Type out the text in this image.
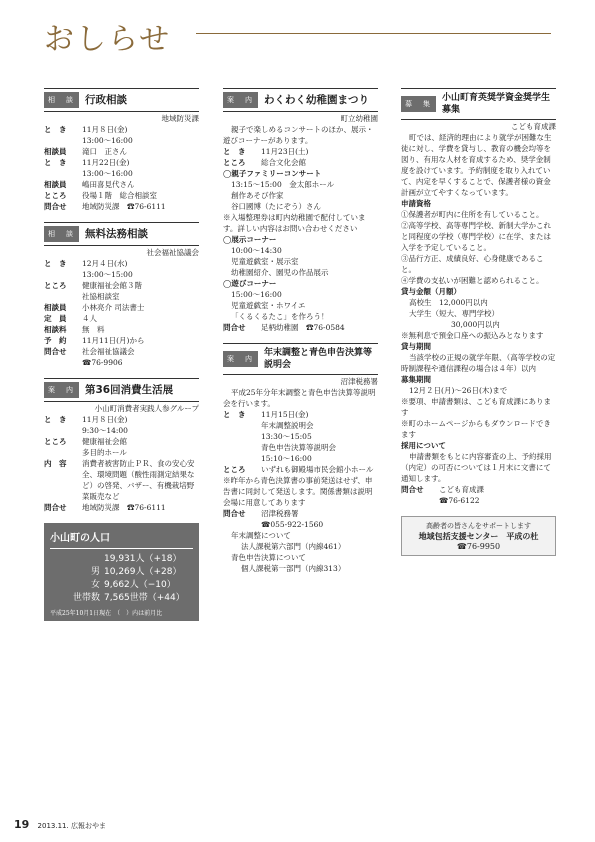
おしらせ
相　談 行政相談
地域防災課
と　き	11月８日(金)
13:00〜16:00
相談員	滝口　正さん
と　き	11月22日(金)
13:00〜16:00
相談員	嶋田喜見代さん
ところ	役場１階　総合相談室
問合せ	地域防災課　☎76-6111
相　談 無料法務相談
社会福祉協議会
と　き	12月４日(水)
13:00〜15:00
ところ	健康福祉会館３階
社協相談室
相談員	小林亮介 司法書士
定　員	４人
相談料	無　料
予　約	11月11日(月)から
問合せ	社会福祉協議会
☎76-9906
案　内 第36回消費生活展
小山町消費者実践人参グループ
と　き	11月８日(金)
9:30〜14:00
ところ	健康福祉会館
多目的ホール
内　容	消費者被害防止ＰＲ、食の安心安全、環境問題（酸性雨測定結果など）の啓発、バザー、有機栽培野菜販売など
問合せ	地域防災課　☎76-6111
小山町の人口
19,931人（+18）
男 10,269人（+28）
女 9,662人（−10）
世帯数 7,565世帯（+44）
平成25年10月1日現在　（　）内は前月比
案　内 わくわく幼稚園まつり
町立幼稚園
親子で楽しめるコンサートのほか、展示・遊びコーナーがあります。
と　き	11月23日(土)
ところ	総合文化会館
◯親子ファミリーコンサート
13:15〜15:00　金太郎ホール
創作あそび作家
谷口國博（たにぞう）さん
※入場整理券は町内幼稚園で配付しています。詳しい内容はお問い合わせください
◯展示コーナー
10:00〜14:30
児童遊戯室・展示室
幼稚園紹介、園児の作品展示
◯遊びコーナー
15:00〜16:00
児童遊戯室・ホワイエ
「くるくるたこ」を作ろう！
問合せ	足柄幼稚園　☎76-0584
案　内
年末調整と青色申告決算等説明会
沼津税務署
平成25年分年末調整と青色申告決算等説明会を行います。
と　き	11月15日(金)
年末調整説明会
13:30〜15:05
青色申告決算等説明会
15:10〜16:00
ところ	いずれも御殿場市民会館小ホール
※昨年から青色決算書の事前発送はせず、申告書に同封して発送します。関係書類は説明会場に用意してあります
問合せ	沼津税務署
☎055-922-1560
年末調整について
法人課税第六部門（内線461）
青色申告決算について
個人課税第一部門（内線313）
募　集
小山町育英奨学資金奨学生募集
こども育成課
町では、経済的理由により就学が困難な生徒に対し、学費を貸与し、教育の機会均等を図り、有用な人材を育成するため、奨学金制度を設けています。予約制度を取り入れていて、内定を早くすることで、保護者様の資金計画が立てやすくなっています。
申請資格
①保護者が町内に住所を有していること。
②高等学校、高等専門学校、新制大学かこれと同程度の学校（専門学校）に在学、または入学を予定していること。
③品行方正、成績良好、心身健康であること。
④学費の支払いが困難と認められること。
貸与金額（月額）
高校生　12,000円以内
大学生（短大、専門学校）
30,000円以内
※無利息で預金口座への振込みとなります
貸与期間
当該学校の正規の就学年限、（高等学校の定時制課程や通信課程の場合は４年）以内
募集期間
12月２日(月)〜26日(木)まで
※要項、申請書類は、こども育成課にあります
※町のホームページからもダウンロードできます
採用について
申請書類をもとに内容審査の上、予約採用（内定）の可否については１月末に文書にて通知します。
問合せ	こども育成課
☎76-6122
高齢者の皆さんをサポートします
地域包括支援センター　平成の杜
☎76-9950
19 2013.11. 広報おやま
